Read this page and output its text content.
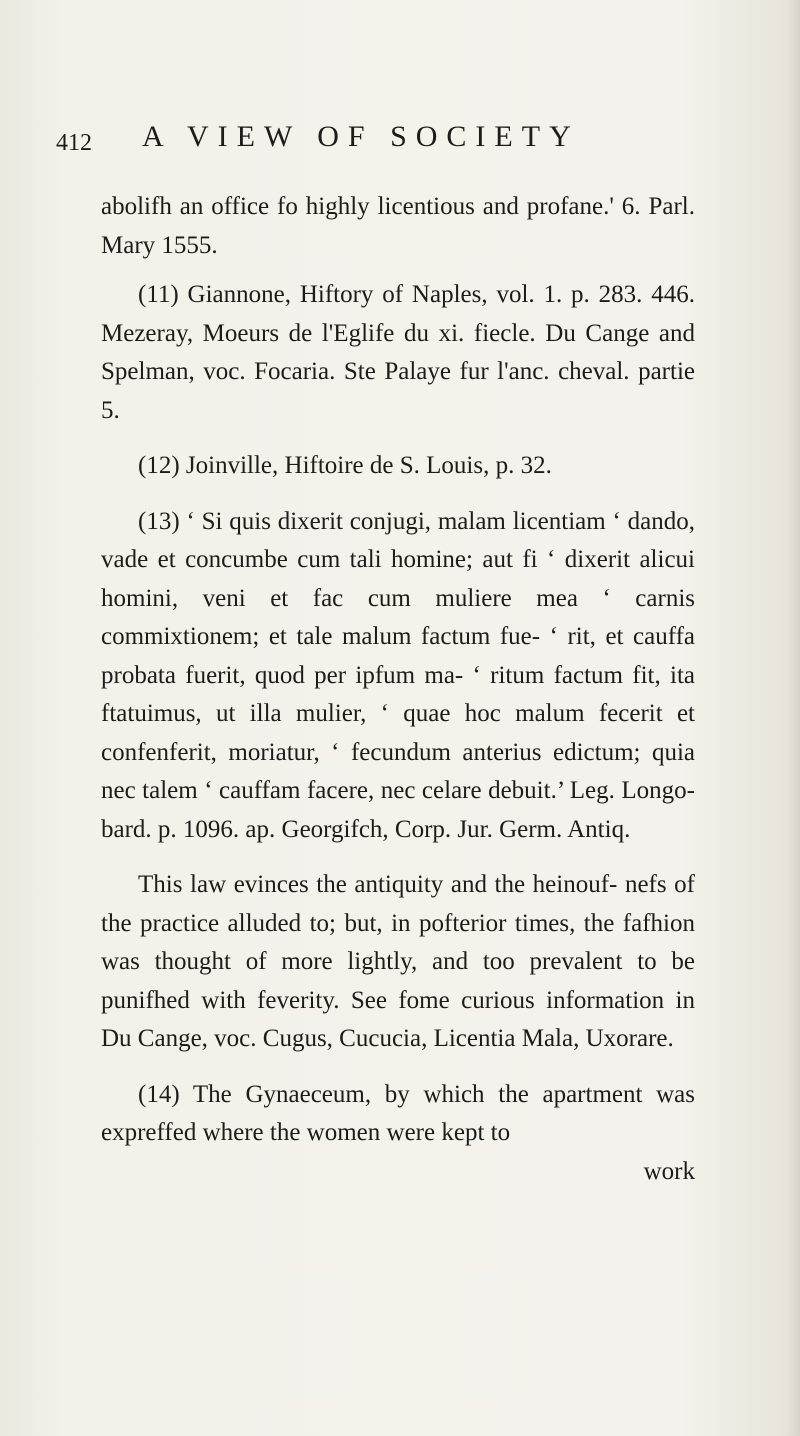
412 A VIEW OF SOCIETY

abolifh an office fo highly licentious and profane.' 6. Parl. Mary 1555.

(11) Giannone, Hiftory of Naples, vol. 1. p. 283. 446. Mezeray, Moeurs de l'Eglife du xi. fiecle. Du Cange and Spelman, voc. Focaria. Ste Palaye fur l'anc. cheval. partie 5.

(12) Joinville, Hiftoire de S. Louis, p. 32.

(13) ‘ Si quis dixerit conjugi, malam licentiam ‘ dando, vade et concumbe cum tali homine; aut fi ‘ dixerit alicui homini, veni et fac cum muliere mea ‘ carnis commixtionem; et tale malum factum fue- ‘ rit, et cauffa probata fuerit, quod per ipfum ma- ‘ ritum factum fit, ita ftatuimus, ut illa mulier, ‘ quae hoc malum fecerit et confenferit, moriatur, ‘ fecundum anterius edictum; quia nec talem ‘ cauffam facere, nec celare debuit.’ Leg. Longo- bard. p. 1096. ap. Georgifch, Corp. Jur. Germ. Antiq.

This law evinces the antiquity and the heinouf- nefs of the practice alluded to; but, in pofterior times, the fafhion was thought of more lightly, and too prevalent to be punifhed with feverity. See fome curious information in Du Cange, voc. Cugus, Cucucia, Licentia Mala, Uxorare.

(14) The Gynaeceum, by which the apartment was expreffed where the women were kept to

work
